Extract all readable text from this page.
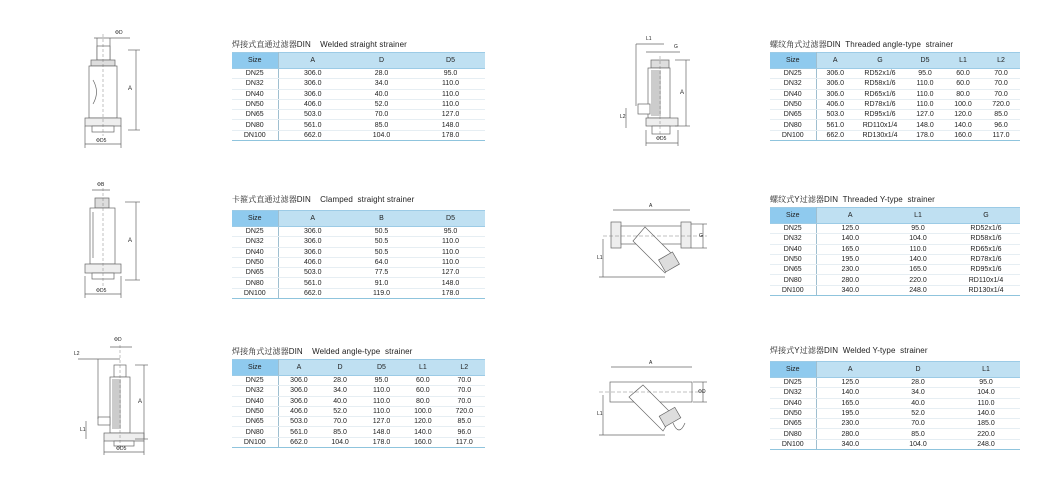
ΦD
A
ΦD5
ΦB
A
ΦD5
ΦD
L2
A
L1
ΦD5
L1
G
A
L2
ΦD5
A
G
L1
A
ΦD
L1
焊接式直通过滤器DIN    Welded straight strainer
Size	A	D	D5
DN25	306.0	28.0	95.0
DN32	306.0	34.0	110.0
DN40	306.0	40.0	110.0
DN50	406.0	52.0	110.0
DN65	503.0	70.0	127.0
DN80	561.0	85.0	148.0
DN100	662.0	104.0	178.0
卡箍式直通过滤器DIN    Clamped  straight strainer
Size	A	B	D5
DN25	306.0	50.5	95.0
DN32	306.0	50.5	110.0
DN40	306.0	50.5	110.0
DN50	406.0	64.0	110.0
DN65	503.0	77.5	127.0
DN80	561.0	91.0	148.0
DN100	662.0	119.0	178.0
焊接角式过滤器DIN    Welded angle-type  strainer
Size	A	D	D5	L1	L2
DN25	306.0	28.0	95.0	60.0	70.0
DN32	306.0	34.0	110.0	60.0	70.0
DN40	306.0	40.0	110.0	80.0	70.0
DN50	406.0	52.0	110.0	100.0	720.0
DN65	503.0	70.0	127.0	120.0	85.0
DN80	561.0	85.0	148.0	140.0	96.0
DN100	662.0	104.0	178.0	160.0	117.0
螺纹角式过滤器DIN  Threaded angle-type  strainer
Size	A	G	D5	L1	L2
DN25	306.0	RD52x1/6	95.0	60.0	70.0
DN32	306.0	RD58x1/6	110.0	60.0	70.0
DN40	306.0	RD65x1/6	110.0	80.0	70.0
DN50	406.0	RD78x1/6	110.0	100.0	720.0
DN65	503.0	RD95x1/6	127.0	120.0	85.0
DN80	561.0	RD110x1/4	148.0	140.0	96.0
DN100	662.0	RD130x1/4	178.0	160.0	117.0
螺纹式Y过滤器DIN  Threaded Y-type  strainer
Size	A	L1	G
DN25	125.0	95.0	RD52x1/6
DN32	140.0	104.0	RD58x1/6
DN40	165.0	110.0	RD65x1/6
DN50	195.0	140.0	RD78x1/6
DN65	230.0	165.0	RD95x1/6
DN80	280.0	220.0	RD110x1/4
DN100	340.0	248.0	RD130x1/4
焊接式Y过滤器DIN  Welded Y-type  strainer
Size	A	D	L1
DN25	125.0	28.0	95.0
DN32	140.0	34.0	104.0
DN40	165.0	40.0	110.0
DN50	195.0	52.0	140.0
DN65	230.0	70.0	185.0
DN80	280.0	85.0	220.0
DN100	340.0	104.0	248.0
